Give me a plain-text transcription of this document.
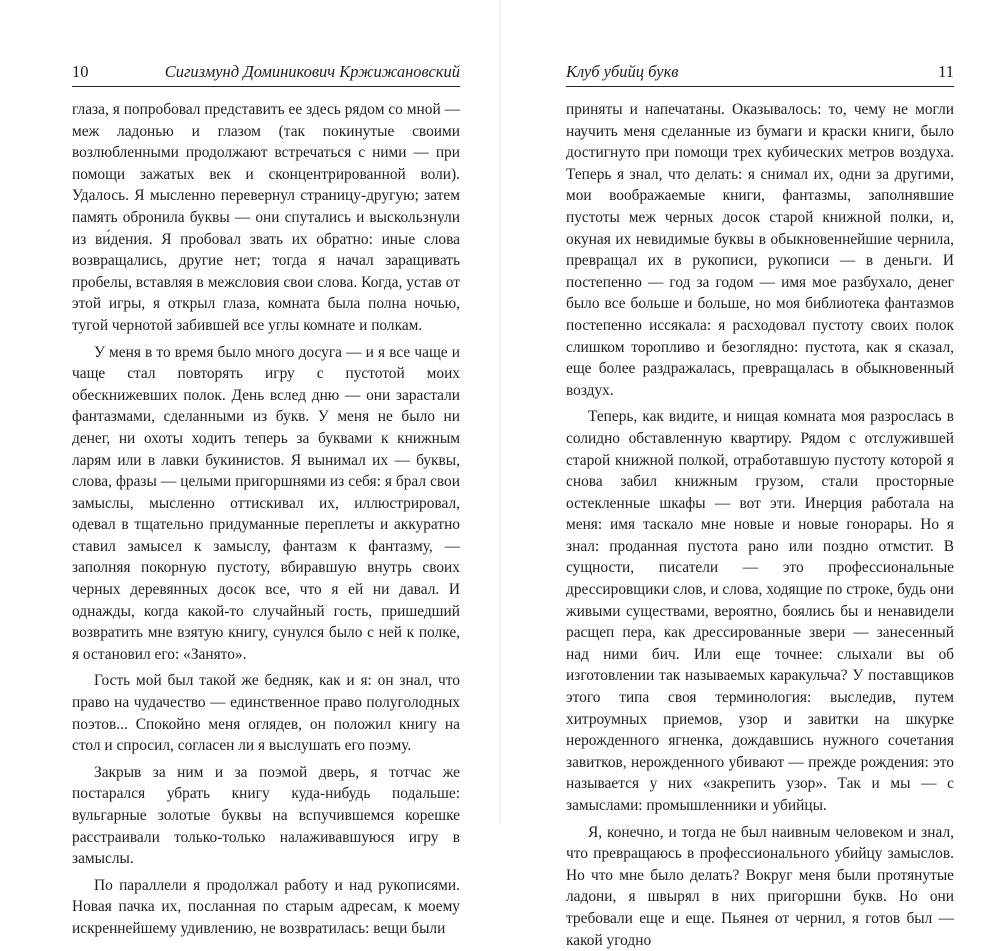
10	Сигизмунд Доминикович Кржижановский

глаза, я попробовал представить ее здесь рядом со мной — меж ладонью и глазом (так покинутые своими возлюбленными продолжают встречаться с ними — при помощи зажатых век и сконцентрированной воли). Удалось. Я мысленно перевернул страницу-другую; затем память обронила буквы — они спутались и выскользнули из ви́дения. Я пробовал звать их обратно: иные слова возвращались, другие нет; тогда я начал заращивать пробелы, вставляя в межсловия свои слова. Когда, устав от этой игры, я открыл глаза, комната была полна ночью, тугой чернотой забившей все углы комнате и полкам.

У меня в то время было много досуга — и я все чаще и чаще стал повторять игру с пустотой моих обескнижевших полок. День вслед дню — они зарастали фантазмами, сделанными из букв. У меня не было ни денег, ни охоты ходить теперь за буквами к книжным ларям или в лавки букинистов. Я вынимал их — буквы, слова, фразы — целыми пригоршнями из себя: я брал свои замыслы, мысленно оттискивал их, иллюстрировал, одевал в тщательно придуманные переплеты и аккуратно ставил замысел к замыслу, фантазм к фантазму, — заполняя покорную пустоту, вбиравшую внутрь своих черных деревянных досок все, что я ей ни давал. И однажды, когда какой-то случайный гость, пришедший возвратить мне взятую книгу, сунулся было с ней к полке, я остановил его: «Занято».

Гость мой был такой же бедняк, как и я: он знал, что право на чудачество — единственное право полуголодных поэтов... Спокойно меня оглядев, он положил книгу на стол и спросил, согласен ли я выслушать его поэму.

Закрыв за ним и за поэмой дверь, я тотчас же постарался убрать книгу куда-нибудь подальше: вульгарные золотые буквы на вспучившемся корешке расстраивали только-только налаживавшуюся игру в замыслы.

По параллели я продолжал работу и над рукописями. Новая пачка их, посланная по старым адресам, к моему искреннейшему удивлению, не возвратилась: вещи были

Клуб убийц букв	11

приняты и напечатаны. Оказывалось: то, чему не могли научить меня сделанные из бумаги и краски книги, было достигнуто при помощи трех кубических метров воздуха. Теперь я знал, что делать: я снимал их, одни за другими, мои воображаемые книги, фантазмы, заполнявшие пустоты меж черных досок старой книжной полки, и, окуная их невидимые буквы в обыкновеннейшие чернила, превращал их в рукописи, рукописи — в деньги. И постепенно — год за годом — имя мое разбухало, денег было все больше и больше, но моя библиотека фантазмов постепенно иссякала: я расходовал пустоту своих полок слишком торопливо и безоглядно: пустота, как я сказал, еще более раздражалась, превращалась в обыкновенный воздух.

Теперь, как видите, и нищая комната моя разрослась в солидно обставленную квартиру. Рядом с отслужившей старой книжной полкой, отработавшую пустоту которой я снова забил книжным грузом, стали просторные остекленные шкафы — вот эти. Инерция работала на меня: имя таскало мне новые и новые гонорары. Но я знал: проданная пустота рано или поздно отмстит. В сущности, писатели — это профессиональные дрессировщики слов, и слова, ходящие по строке, будь они живыми существами, вероятно, боялись бы и ненавидели расщеп пера, как дрессированные звери — занесенный над ними бич. Или еще точнее: слыхали вы об изготовлении так называемых каракульча? У поставщиков этого типа своя терминология: выследив, путем хитроумных приемов, узор и завитки на шкурке нерожденного ягненка, дождавшись нужного сочетания завитков, нерожденного убивают — прежде рождения: это называется у них «закрепить узор». Так и мы — с замыслами: промышленники и убийцы.

Я, конечно, и тогда не был наивным человеком и знал, что превращаюсь в профессионального убийцу замыслов. Но что мне было делать? Вокруг меня были протянутые ладони, я швырял в них пригоршни букв. Но они требовали еще и еще. Пьянея от чернил, я готов был — какой угодно
